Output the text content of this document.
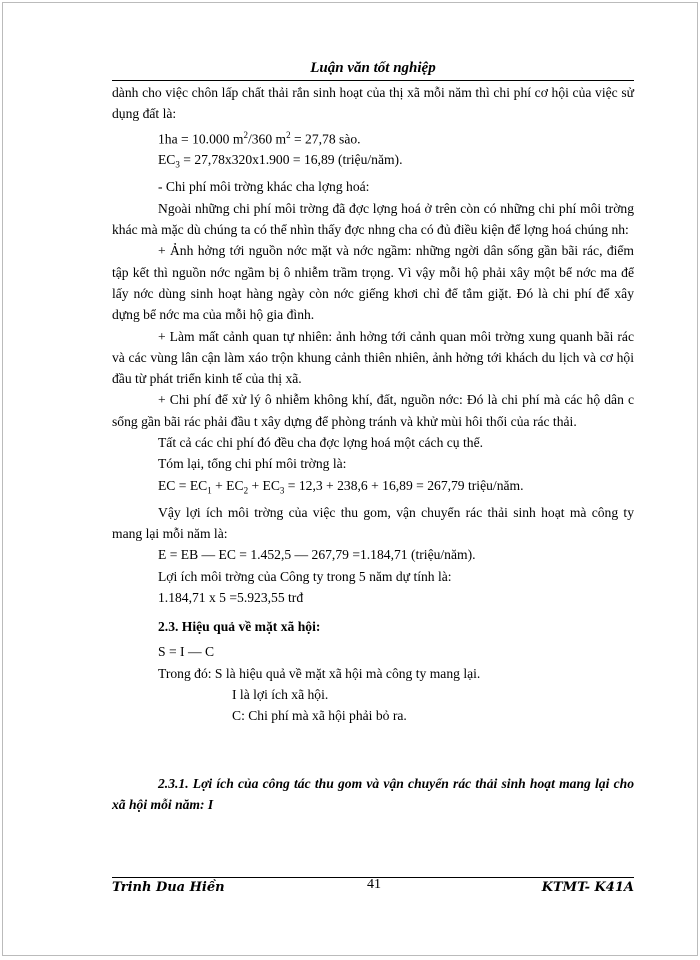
Luận văn tốt nghiệp

dành cho việc chôn lấp chất thải rắn sinh hoạt của thị xã mỗi năm thì chi phí cơ hội của việc sử dụng đất là:

1ha = 10.000 $m^2/360$ $m^2 = 27,78$ sào.

$EC_3 = 27,78x320x1.900 = 16,89$ (triệu/năm).

- Chi phí môi trờng khác cha lợng hoá:

Ngoài những chi phí môi trờng đã đợc lợng hoá ở trên còn có những chi phí môi trờng khác mà mặc dù chúng ta có thể nhìn thấy đợc nhng cha có đủ điều kiện để lợng hoá chúng nh:

+ Ảnh hởng tới nguồn nớc mặt và nớc ngầm: những ngời dân sống gần bãi rác, điểm tập kết thì nguồn nớc ngầm bị ô nhiễm trầm trọng. Vì vậy mỗi hộ phải xây một bể nớc ma để lấy nớc dùng sinh hoạt hàng ngày còn nớc giếng khơi chỉ để tắm giặt. Đó là chi phí để xây dựng bể nớc ma của mỗi hộ gia đình.

+ Làm mất cảnh quan tự nhiên: ảnh hởng tới cảnh quan môi trờng xung quanh bãi rác và các vùng lân cận làm xáo trộn khung cảnh thiên nhiên, ảnh hởng tới khách du lịch và cơ hội đầu từ phát triển kinh tế của thị xã.

+ Chi phí để xử lý ô nhiễm không khí, đất, nguồn nớc: Đó là chi phí mà các hộ dân c sống gần bãi rác phải đầu t xây dựng để phòng tránh và khử mùi hôi thối của rác thải.

Tất cả các chi phí đó đều cha đợc lợng hoá một cách cụ thể.

Tóm lại, tổng chi phí môi trờng là:

EC = $EC_1 + EC_2 + EC_3 = 12,3 + 238,6 + 16,89 = 267,79$ triệu/năm.

Vậy lợi ích môi trờng của việc thu gom, vận chuyển rác thải sinh hoạt mà công ty mang lại mỗi năm là:

E = EB — EC = 1.452,5 — 267,79 =1.184,71 (triệu/năm).

Lợi ích môi trờng của Công ty trong 5 năm dự tính là:

1.184,71 x 5 =5.923,55 trđ

2.3. Hiệu quả về mặt xã hội:

S = I — C

Trong đó: S là hiệu quả về mặt xã hội mà công ty mang lại.

I là lợi ích xã hội.

C: Chi phí mà xã hội phải bỏ ra.

2.3.1. Lợi ích của công tác thu gom và vận chuyển rác thải sinh hoạt mang lại cho xã hội mỗi năm: I

Trinh Dua Hiền	41	KTMT- K41A
